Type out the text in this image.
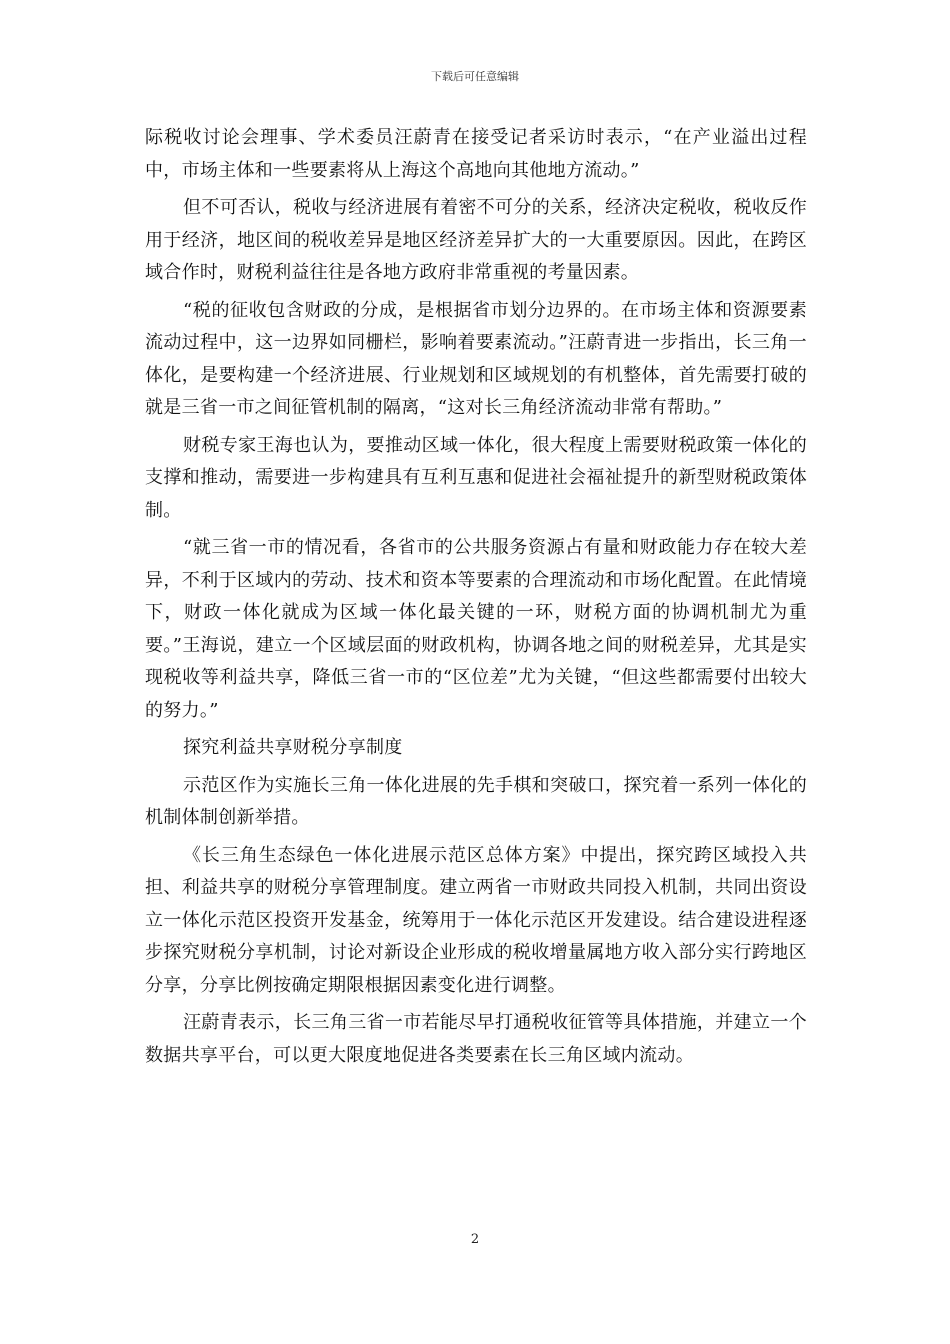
下载后可任意编辑

际税收讨论会理事、学术委员汪蔚青在接受记者采访时表示，“在产业溢出过程中，市场主体和一些要素将从上海这个高地向其他地方流动。”

但不可否认，税收与经济进展有着密不可分的关系，经济决定税收，税收反作用于经济，地区间的税收差异是地区经济差异扩大的一大重要原因。因此，在跨区域合作时，财税利益往往是各地方政府非常重视的考量因素。

“税的征收包含财政的分成，是根据省市划分边界的。在市场主体和资源要素流动过程中，这一边界如同栅栏，影响着要素流动。”汪蔚青进一步指出，长三角一体化，是要构建一个经济进展、行业规划和区域规划的有机整体，首先需要打破的就是三省一市之间征管机制的隔离，“这对长三角经济流动非常有帮助。”

财税专家王海也认为，要推动区域一体化，很大程度上需要财税政策一体化的支撑和推动，需要进一步构建具有互利互惠和促进社会福祉提升的新型财税政策体制。

“就三省一市的情况看，各省市的公共服务资源占有量和财政能力存在较大差异，不利于区域内的劳动、技术和资本等要素的合理流动和市场化配置。在此情境下，财政一体化就成为区域一体化最关键的一环，财税方面的协调机制尤为重要。”王海说，建立一个区域层面的财政机构，协调各地之间的财税差异，尤其是实现税收等利益共享，降低三省一市的“区位差”尤为关键，“但这些都需要付出较大的努力。”

探究利益共享财税分享制度

示范区作为实施长三角一体化进展的先手棋和突破口，探究着一系列一体化的机制体制创新举措。

《长三角生态绿色一体化进展示范区总体方案》中提出，探究跨区域投入共担、利益共享的财税分享管理制度。建立两省一市财政共同投入机制，共同出资设立一体化示范区投资开发基金，统筹用于一体化示范区开发建设。结合建设进程逐步探究财税分享机制，讨论对新设企业形成的税收增量属地方收入部分实行跨地区分享，分享比例按确定期限根据因素变化进行调整。

汪蔚青表示，长三角三省一市若能尽早打通税收征管等具体措施，并建立一个数据共享平台，可以更大限度地促进各类要素在长三角区域内流动。

2
